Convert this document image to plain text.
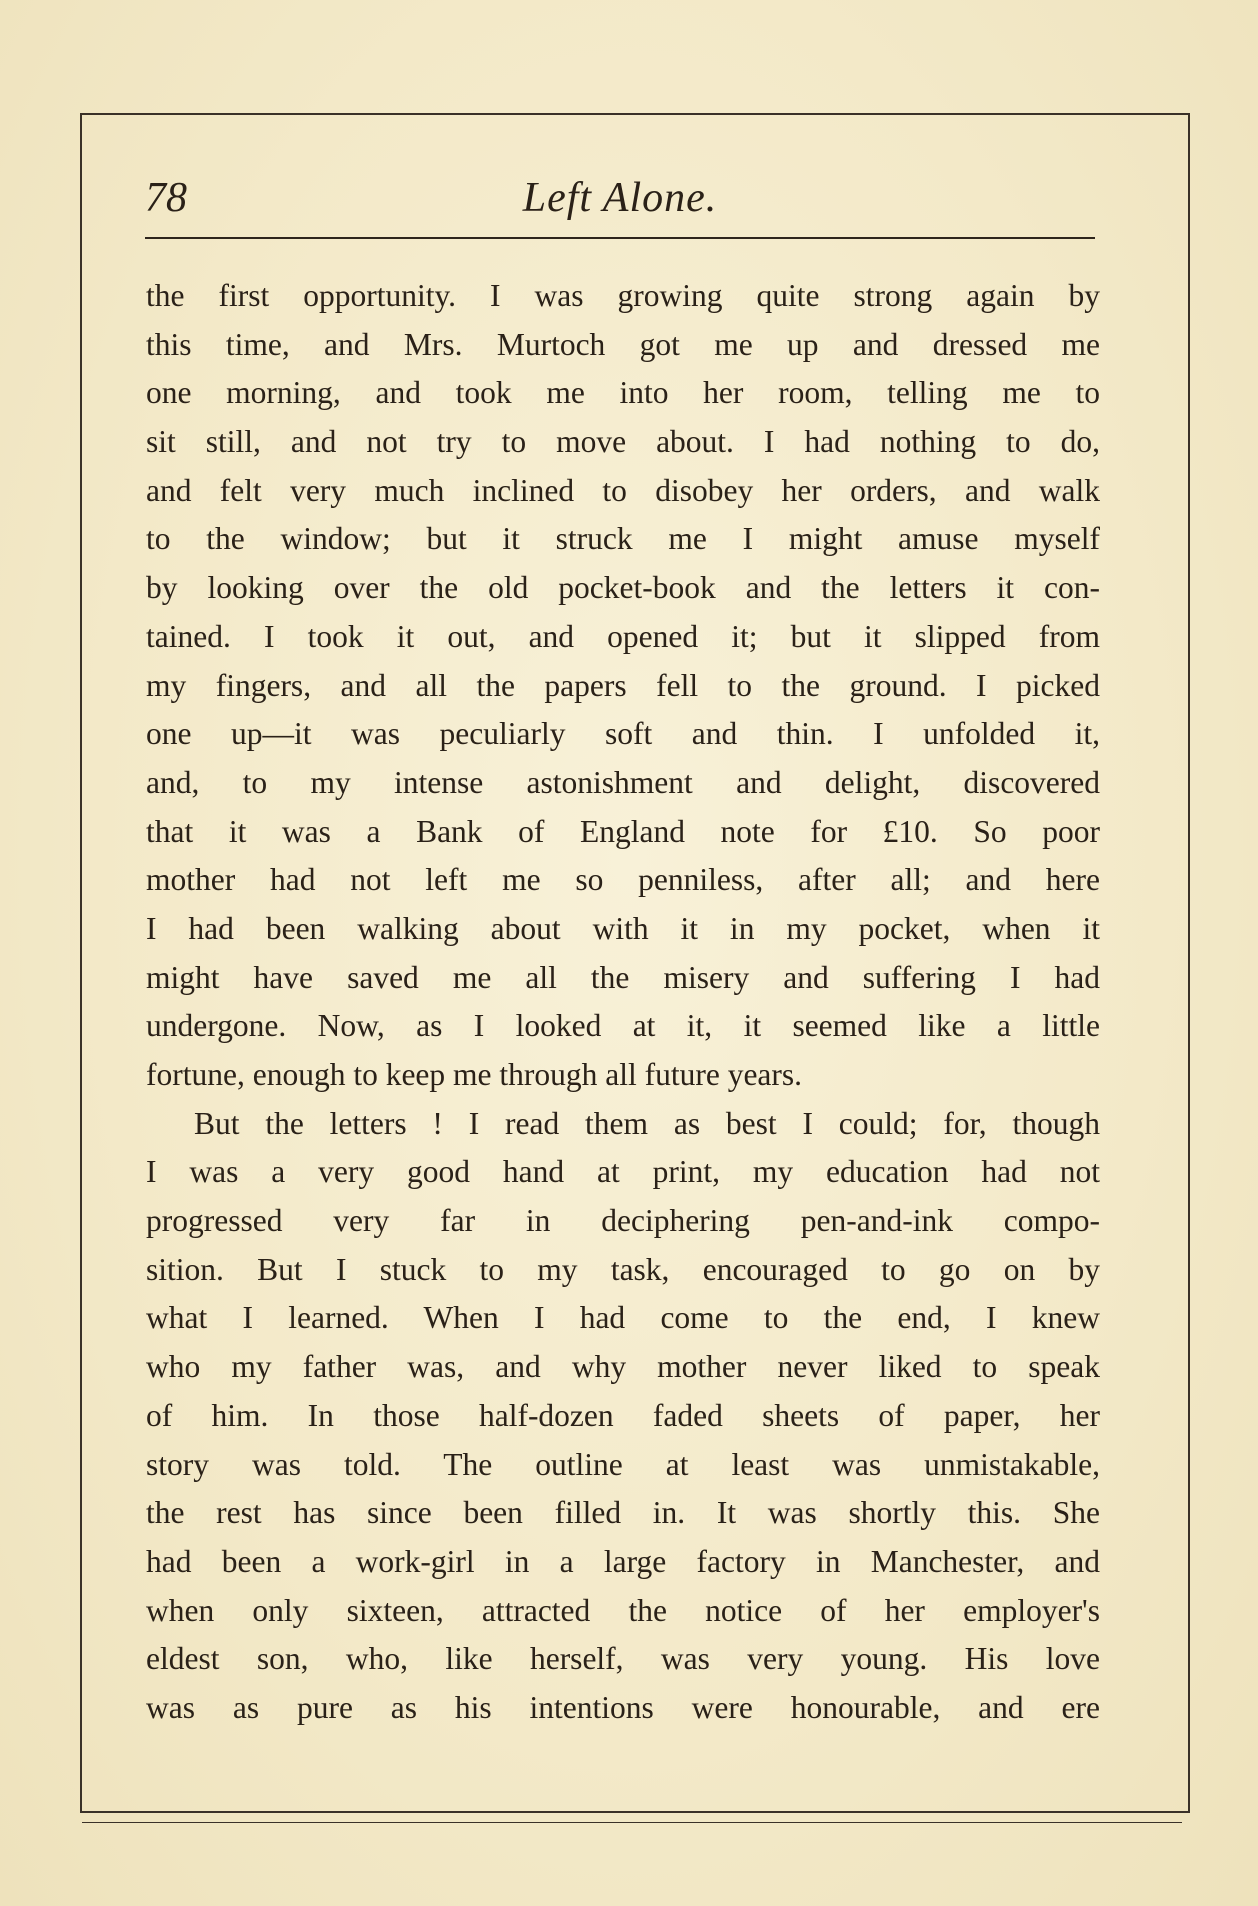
78	Left Alone.
the first opportunity. I was growing quite strong again by
this time, and Mrs. Murtoch got me up and dressed me
one morning, and took me into her room, telling me to
sit still, and not try to move about. I had nothing to do,
and felt very much inclined to disobey her orders, and walk
to the window; but it struck me I might amuse myself
by looking over the old pocket-book and the letters it con-
tained. I took it out, and opened it; but it slipped from
my fingers, and all the papers fell to the ground. I picked
one up—it was peculiarly soft and thin. I unfolded it,
and, to my intense astonishment and delight, discovered
that it was a Bank of England note for £10. So poor
mother had not left me so penniless, after all; and here
I had been walking about with it in my pocket, when it
might have saved me all the misery and suffering I had
undergone. Now, as I looked at it, it seemed like a little
fortune, enough to keep me through all future years.
But the letters ! I read them as best I could; for, though
I was a very good hand at print, my education had not
progressed very far in deciphering pen-and-ink compo-
sition. But I stuck to my task, encouraged to go on by
what I learned. When I had come to the end, I knew
who my father was, and why mother never liked to speak
of him. In those half-dozen faded sheets of paper, her
story was told. The outline at least was unmistakable,
the rest has since been filled in. It was shortly this. She
had been a work-girl in a large factory in Manchester, and
when only sixteen, attracted the notice of her employer's
eldest son, who, like herself, was very young. His love
was as pure as his intentions were honourable, and ere
